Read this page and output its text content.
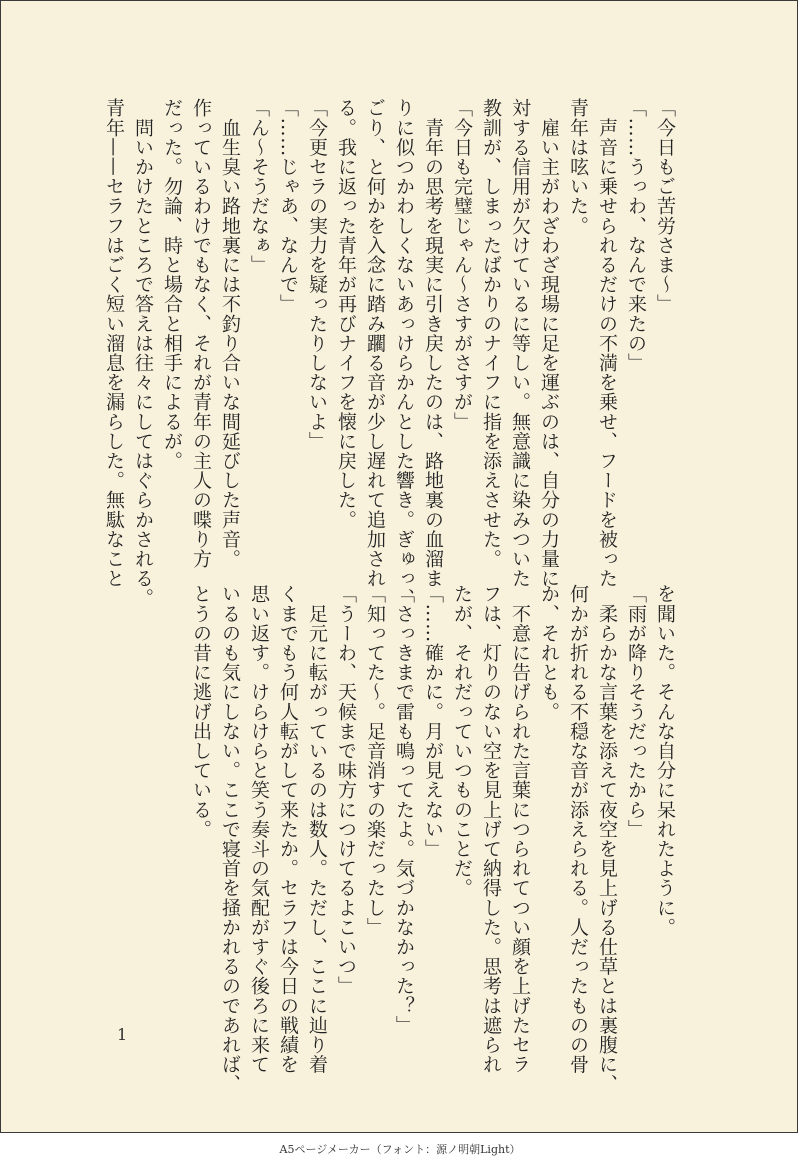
「今日もご苦労さま〜」
「……うっわ、なんで来たの」
　声音に乗せられるだけの不満を乗せ、フードを被った
青年は呟いた。
　雇い主がわざわざ現場に足を運ぶのは、自分の力量に
対する信用が欠けているに等しい。無意識に染みついた
教訓が、しまったばかりのナイフに指を添えさせた。
「今日も完璧じゃん〜さすがさすが」
　青年の思考を現実に引き戻したのは、路地裏の血溜ま
りに似つかわしくないあっけらかんとした響き。ぎゅっ、
ごり、と何かを入念に踏み躙る音が少し遅れて追加され
る。我に返った青年が再びナイフを懐に戻した。
「今更セラの実力を疑ったりしないよ」
「……じゃあ、なんで」
「ん〜そうだなぁ」
　血生臭い路地裏には不釣り合いな間延びした声音。
作っているわけでもなく、それが青年の主人の喋り方
だった。勿論、時と場合と相手によるが。
　問いかけたところで答えは往々にしてはぐらかされる。
青年——セラフはごく短い溜息を漏らした。無駄なこと
を聞いた。そんな自分に呆れたように。
「雨が降りそうだったから」
　柔らかな言葉を添えて夜空を見上げる仕草とは裏腹に、
何かが折れる不穏な音が添えられる。人だったものの骨
か、それとも。
　不意に告げられた言葉につられてつい顔を上げたセラ
フは、灯りのない空を見上げて納得した。思考は遮られ
たが、それだっていつものことだ。
「……確かに。月が見えない」
「さっきまで雷も鳴ってたよ。気づかなかった？」
「知ってた〜。足音消すの楽だったし」
「うーわ、天候まで味方につけてるよこいつ」
　足元に転がっているのは数人。ただし、ここに辿り着
くまでもう何人転がして来たか。セラフは今日の戦績を
思い返す。けらけらと笑う奏斗の気配がすぐ後ろに来て
いるのも気にしない。ここで寝首を掻かれるのであれば、
とうの昔に逃げ出している。
1
A5ページメーカー（フォント：源ノ明朝Light）
